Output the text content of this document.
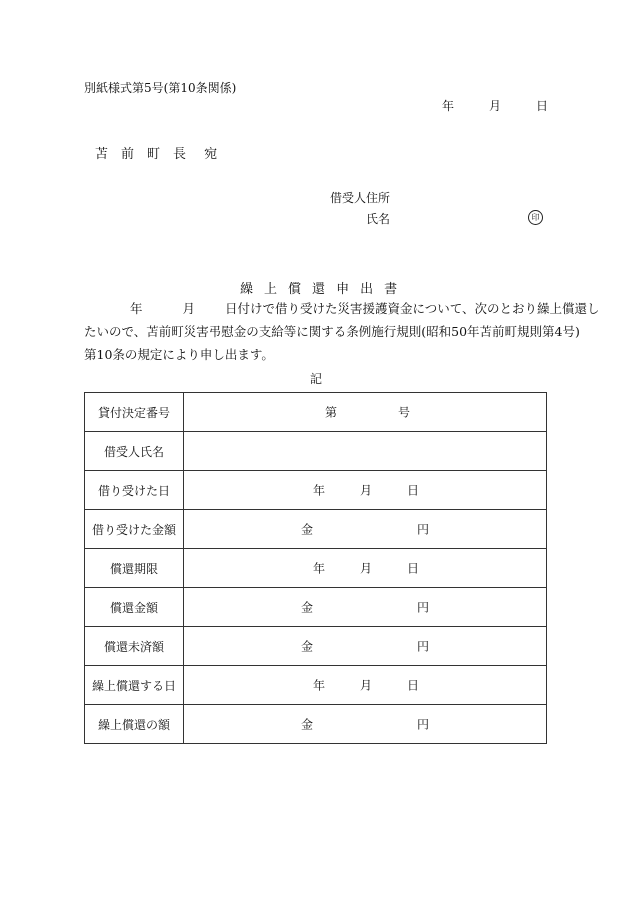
別紙様式第5号(第10条関係)
年	月	日
苫 前 町 長 宛
借受人住所
氏名	印
繰 上 償 還 申 出 書
年	月 日付けで借り受けた災害援護資金について、次のとおり繰上償還し
たいので、苫前町災害弔慰金の支給等に関する条例施行規則(昭和50年苫前町規則第4号)
第10条の規定により申し出ます。
記
貸付決定番号	第 号

借受人氏名	
借り受けた日	年 月 日

借り受けた金額	金 円

償還期限	年 月 日

償還金額	金 円

償還未済額	金 円

繰上償還する日	年 月 日

繰上償還の額	金 円
